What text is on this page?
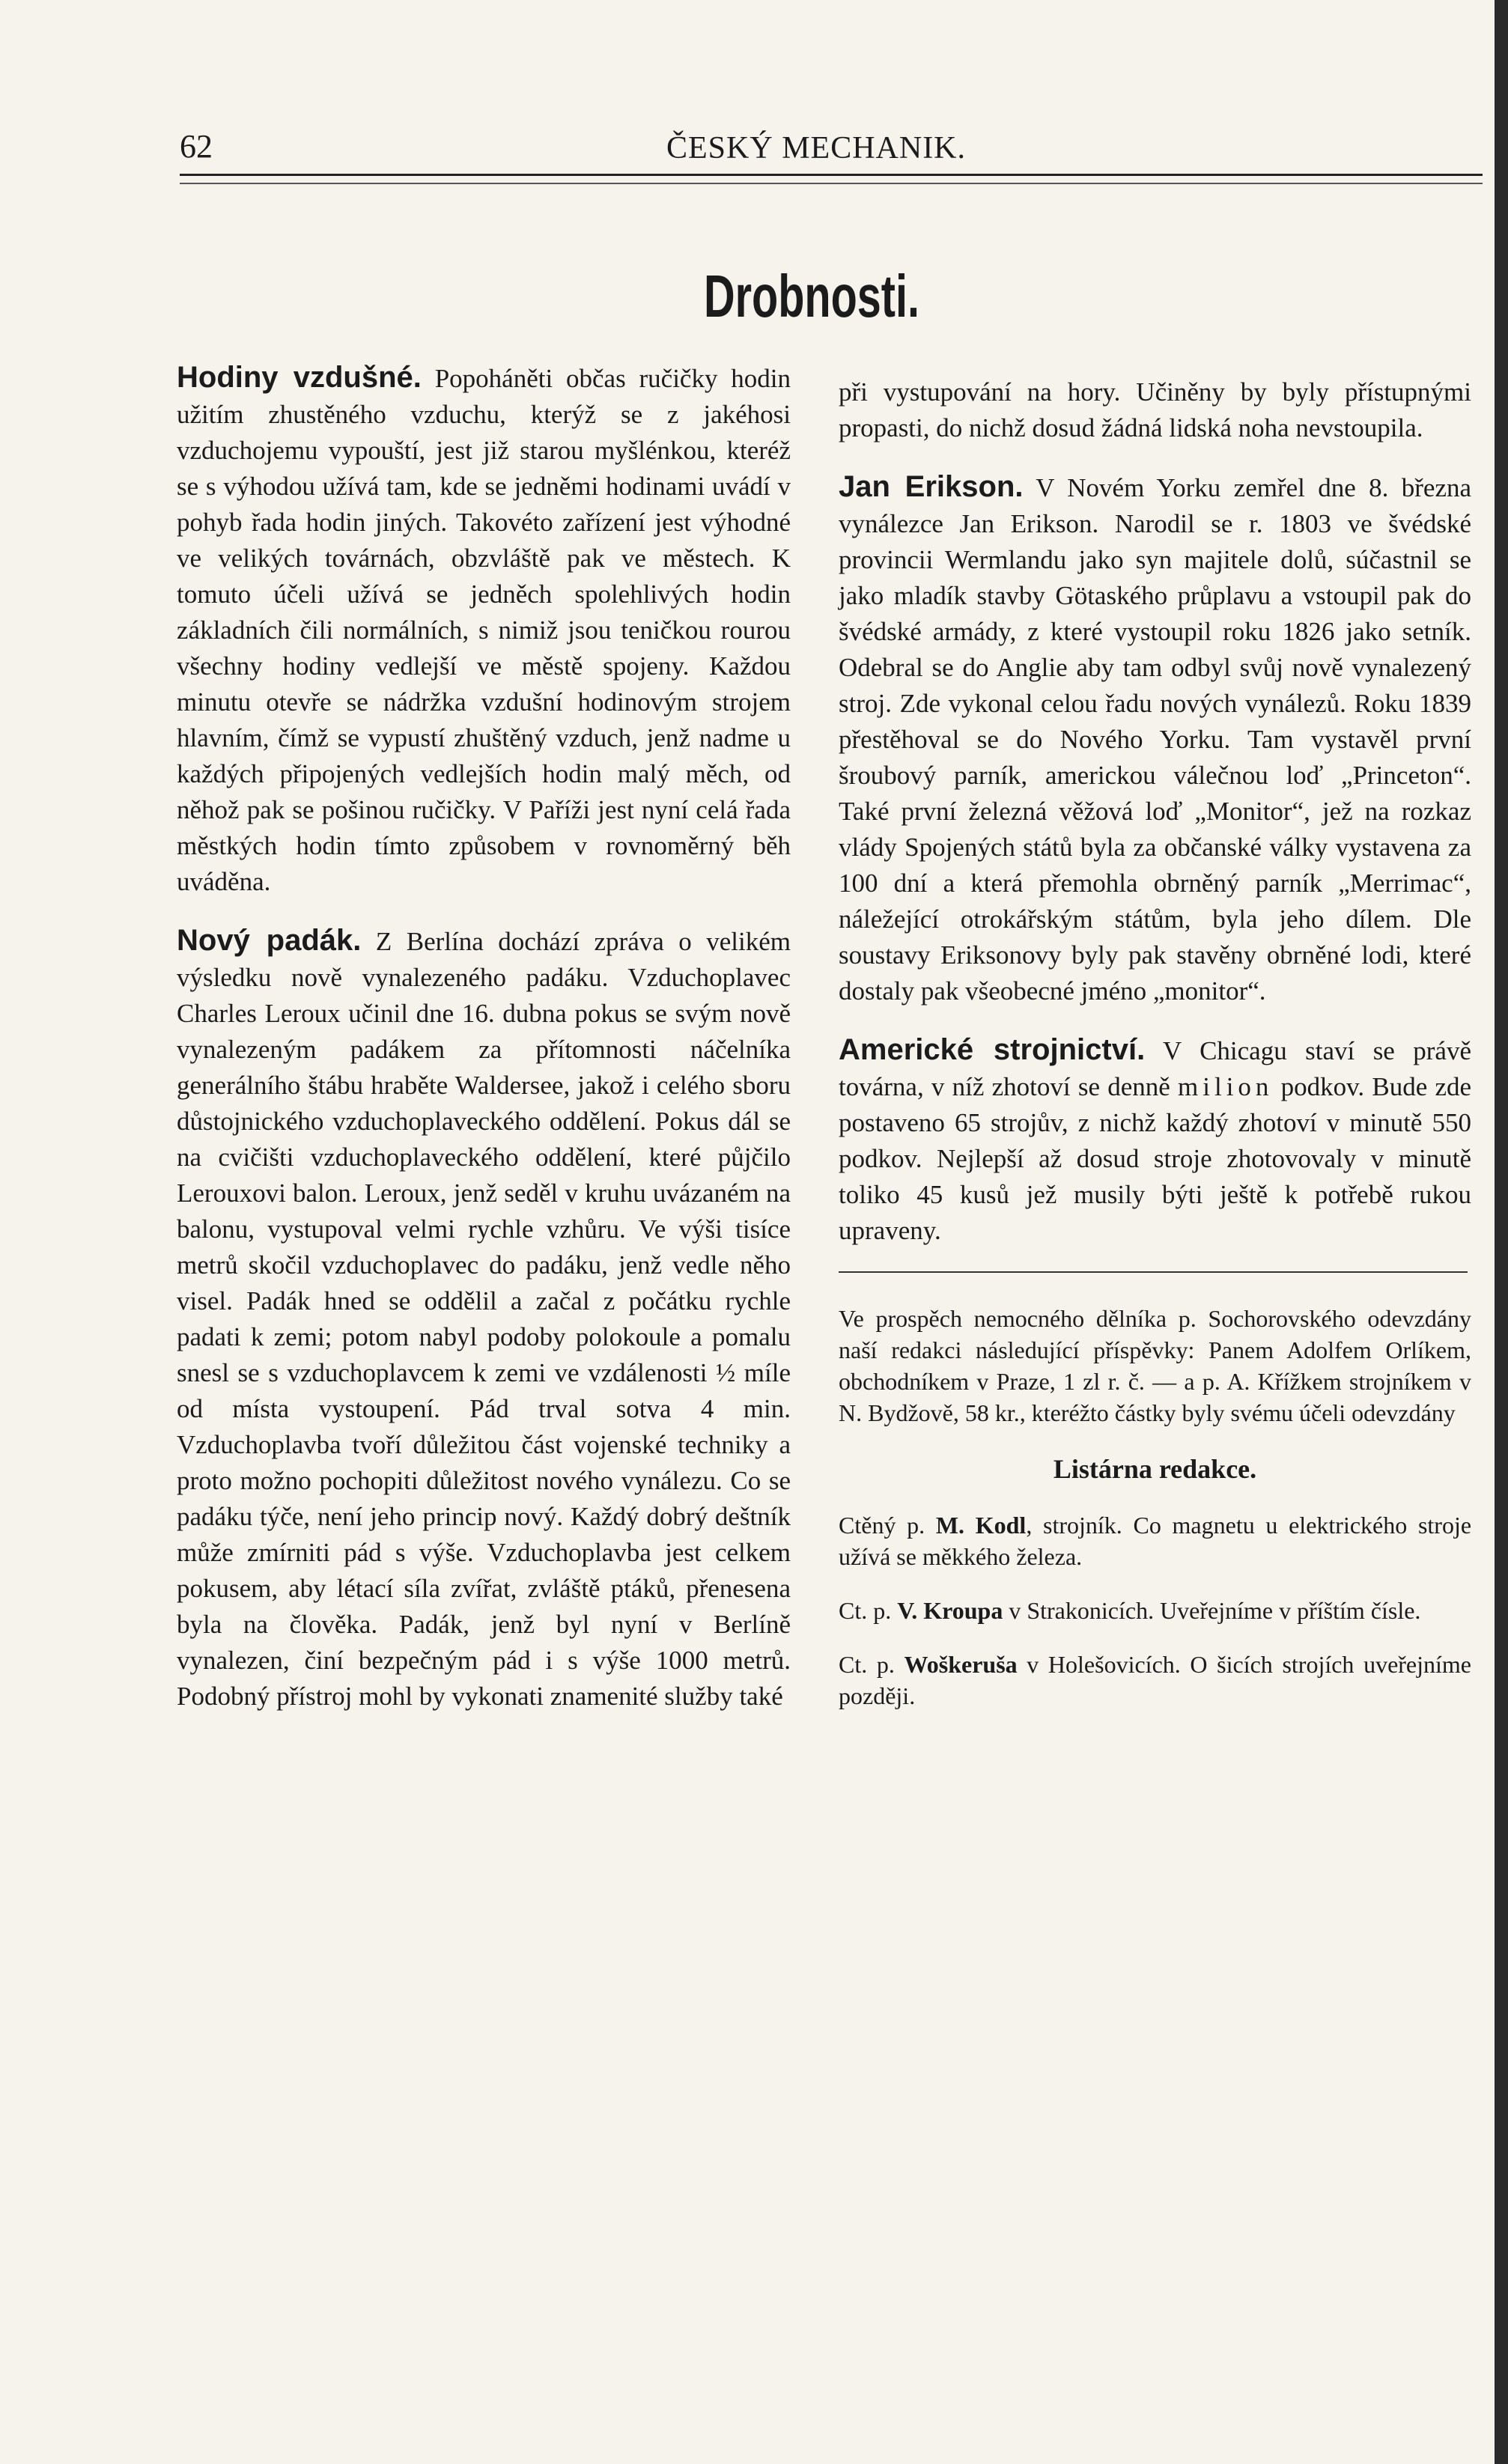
62	ČESKÝ MECHANIK.
Drobnosti.

Hodiny vzdušné. Popoháněti občas ručičky hodin užitím zhustěného vzduchu, kterýž se z jakéhosi vzduchojemu vypouští, jest již starou myšlénkou, kteréž se s výhodou užívá tam, kde se jedněmi hodinami uvádí v pohyb řada hodin jiných. Takovéto zařízení jest výhodné ve velikých továrnách, obzvláště pak ve městech. K tomuto účeli užívá se jedněch spolehlivých hodin základních čili normálních, s nimiž jsou teničkou rourou všechny hodiny vedlejší ve městě spojeny. Každou minutu otevře se nádržka vzdušní hodinovým strojem hlavním, čímž se vypustí zhuštěný vzduch, jenž nadme u každých připojených vedlejších hodin malý měch, od něhož pak se pošinou ručičky. V Paříži jest nyní celá řada městkých hodin tímto způsobem v rovnoměrný běh uváděna.

Nový padák. Z Berlína dochází zpráva o velikém výsledku nově vynalezeného padáku. Vzduchoplavec Charles Leroux učinil dne 16. dubna pokus se svým nově vynalezeným padákem za přítomnosti náčelníka generálního štábu hraběte Waldersee, jakož i celého sboru důstojnického vzduchoplaveckého oddělení. Pokus dál se na cvičišti vzduchoplaveckého oddělení, které půjčilo Lerouxovi balon. Leroux, jenž seděl v kruhu uvázaném na balonu, vystupoval velmi rychle vzhůru. Ve výši tisíce metrů skočil vzduchoplavec do padáku, jenž vedle něho visel. Padák hned se oddělil a začal z počátku rychle padati k zemi; potom nabyl podoby polokoule a pomalu snesl se s vzduchoplavcem k zemi ve vzdálenosti ½ míle od místa vystoupení. Pád trval sotva 4 min. Vzduchoplavba tvoří důležitou část vojenské techniky a proto možno pochopiti důležitost nového vynálezu. Co se padáku týče, není jeho princip nový. Každý dobrý deštník může zmírniti pád s výše. Vzduchoplavba jest celkem pokusem, aby létací síla zvířat, zvláště ptáků, přenesena byla na člověka. Padák, jenž byl nyní v Berlíně vynalezen, činí bezpečným pád i s výše 1000 metrů. Podobný přístroj mohl by vykonati znamenité služby také

při vystupování na hory. Učiněny by byly přístupnými propasti, do nichž dosud žádná lidská noha nevstoupila.

Jan Erikson. V Novém Yorku zemřel dne 8. března vynálezce Jan Erikson. Narodil se r. 1803 ve švédské provincii Wermlandu jako syn majitele dolů, súčastnil se jako mladík stavby Götaského průplavu a vstoupil pak do švédské armády, z které vystoupil roku 1826 jako setník. Odebral se do Anglie aby tam odbyl svůj nově vynalezený stroj. Zde vykonal celou řadu nových vynálezů. Roku 1839 přestěhoval se do Nového Yorku. Tam vystavěl první šroubový parník, americkou válečnou loď „Princeton“. Také první železná věžová loď „Monitor“, jež na rozkaz vlády Spojených států byla za občanské války vystavena za 100 dní a která přemohla obrněný parník „Merrimac“, náležející otrokářským státům, byla jeho dílem. Dle soustavy Eriksonovy byly pak stavěny obrněné lodi, které dostaly pak všeobecné jméno „monitor“.

Americké strojnictví. V Chicagu staví se právě továrna, v níž zhotoví se denně milion podkov. Bude zde postaveno 65 strojův, z nichž každý zhotoví v minutě 550 podkov. Nejlepší až dosud stroje zhotovovaly v minutě toliko 45 kusů jež musily býti ještě k potřebě rukou upraveny.

Ve prospěch nemocného dělníka p. Sochorovského odevzdány naší redakci následující příspěvky: Panem Adolfem Orlíkem, obchodníkem v Praze, 1 zl r. č. — a p. A. Křížkem strojníkem v N. Bydžově, 58 kr., kteréžto částky byly svému účeli odevzdány

Listárna redakce.

Ctěný p. M. Kodl, strojník. Co magnetu u elektrického stroje užívá se měkkého železa.

Ct. p. V. Kroupa v Strakonicích. Uveřejníme v příštím čísle.

Ct. p. Woškeruša v Holešovicích. O šicích strojích uveřejníme později.
